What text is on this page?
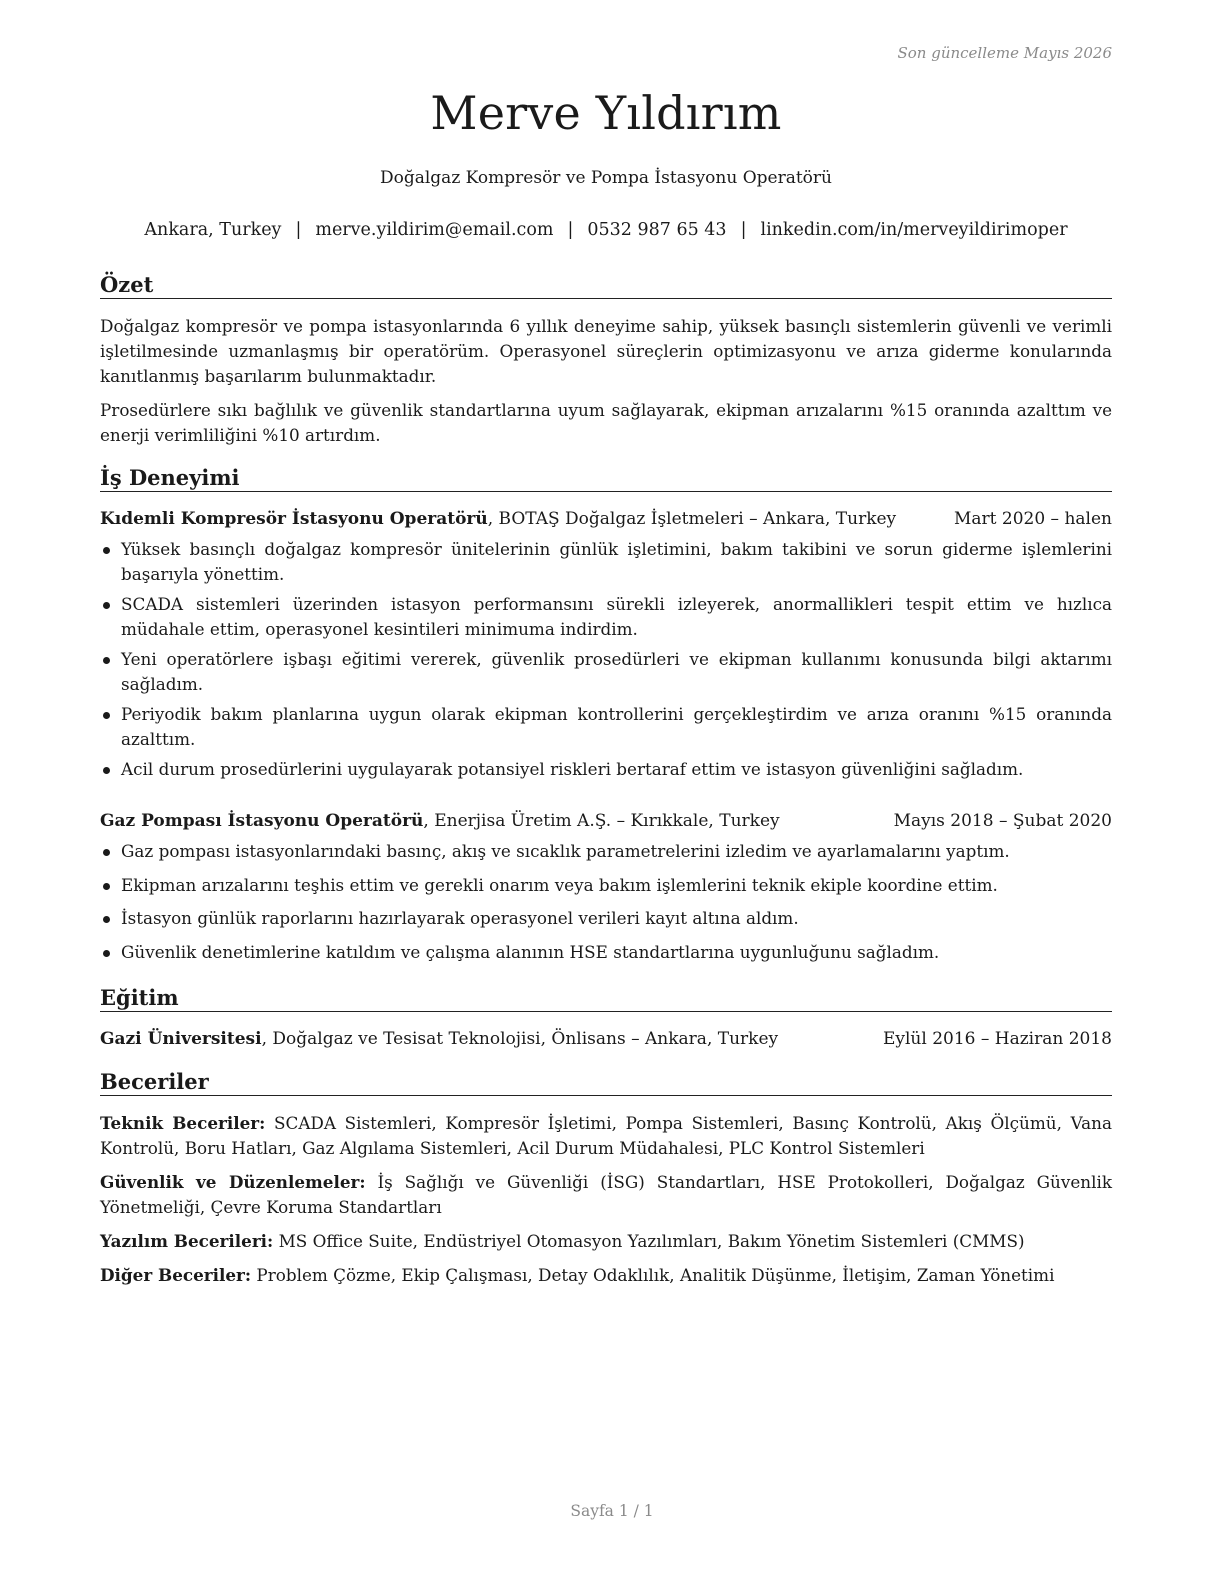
Son güncelleme Mayıs 2026
Merve Yıldırım
Doğalgaz Kompresör ve Pompa İstasyonu Operatörü
Ankara, Turkey | merve.yildirim@email.com | 0532 987 65 43 | linkedin.com/in/merveyildirimoper
Özet
Doğalgaz kompresör ve pompa istasyonlarında 6 yıllık deneyime sahip, yüksek basınçlı sistemlerin güvenli ve verimli işletilmesinde uzmanlaşmış bir operatörüm. Operasyonel süreçlerin optimizasyonu ve arıza giderme konularında kanıtlanmış başarılarım bulunmaktadır.
Prosedürlere sıkı bağlılık ve güvenlik standartlarına uyum sağlayarak, ekipman arızalarını %15 oranında azalttım ve enerji verimliliğini %10 artırdım.
İş Deneyimi
Kıdemli Kompresör İstasyonu Operatörü, BOTAŞ Doğalgaz İşletmeleri – Ankara, Turkey	Mart 2020 – halen
Yüksek basınçlı doğalgaz kompresör ünitelerinin günlük işletimini, bakım takibini ve sorun giderme işlemlerini başarıyla yönettim.
SCADA sistemleri üzerinden istasyon performansını sürekli izleyerek, anormallikleri tespit ettim ve hızlıca müdahale ettim, operasyonel kesintileri minimuma indirdim.
Yeni operatörlere işbaşı eğitimi vererek, güvenlik prosedürleri ve ekipman kullanımı konusunda bilgi aktarımı sağladım.
Periyodik bakım planlarına uygun olarak ekipman kontrollerini gerçekleştirdim ve arıza oranını %15 oranında azalttım.
Acil durum prosedürlerini uygulayarak potansiyel riskleri bertaraf ettim ve istasyon güvenliğini sağladım.
Gaz Pompası İstasyonu Operatörü, Enerjisa Üretim A.Ş. – Kırıkkale, Turkey	Mayıs 2018 – Şubat 2020
Gaz pompası istasyonlarındaki basınç, akış ve sıcaklık parametrelerini izledim ve ayarlamalarını yaptım.
Ekipman arızalarını teşhis ettim ve gerekli onarım veya bakım işlemlerini teknik ekiple koordine ettim.
İstasyon günlük raporlarını hazırlayarak operasyonel verileri kayıt altına aldım.
Güvenlik denetimlerine katıldım ve çalışma alanının HSE standartlarına uygunluğunu sağladım.
Eğitim
Gazi Üniversitesi, Doğalgaz ve Tesisat Teknolojisi, Önlisans – Ankara, Turkey	Eylül 2016 – Haziran 2018
Beceriler
Teknik Beceriler: SCADA Sistemleri, Kompresör İşletimi, Pompa Sistemleri, Basınç Kontrolü, Akış Ölçümü, Vana Kontrolü, Boru Hatları, Gaz Algılama Sistemleri, Acil Durum Müdahalesi, PLC Kontrol Sistemleri
Güvenlik ve Düzenlemeler: İş Sağlığı ve Güvenliği (İSG) Standartları, HSE Protokolleri, Doğalgaz Güvenlik Yönetmeliği, Çevre Koruma Standartları
Yazılım Becerileri: MS Office Suite, Endüstriyel Otomasyon Yazılımları, Bakım Yönetim Sistemleri (CMMS)
Diğer Beceriler: Problem Çözme, Ekip Çalışması, Detay Odaklılık, Analitik Düşünme, İletişim, Zaman Yönetimi
Sayfa 1 / 1
